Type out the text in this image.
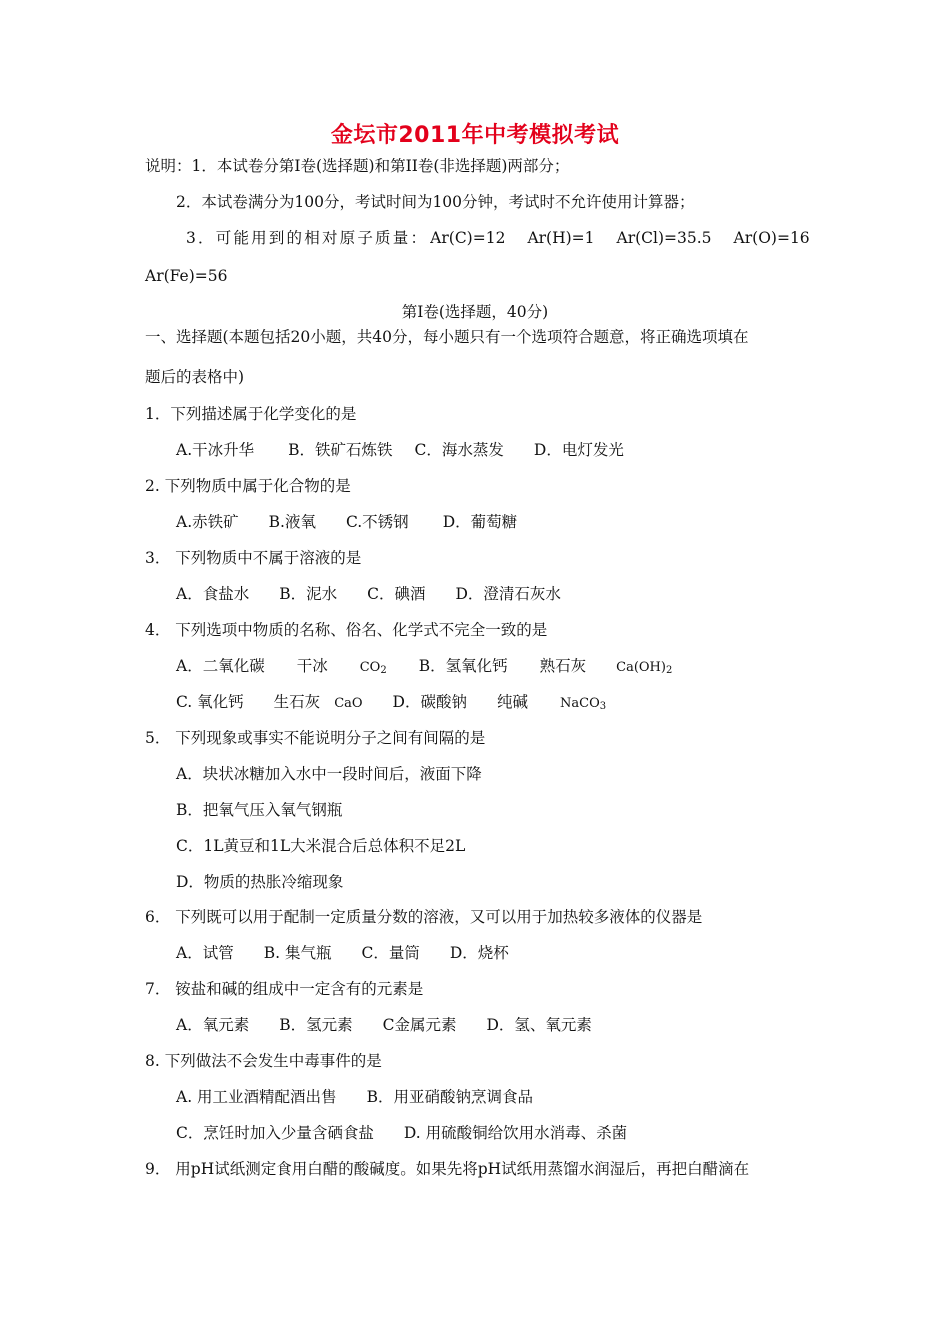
金坛市2011年中考模拟考试
说明：1．本试卷分第Ⅰ卷(选择题)和第II卷(非选择题)两部分；
2．本试卷满分为100分，考试时间为100分钟，考试时不允许使用计算器；
3．可能用到的相对原子质量： Ar(C)=12 Ar(H)=1 Ar(Cl)=35.5 Ar(O)=16
Ar(Fe)=56
第Ⅰ卷(选择题，40分)
一、选择题(本题包括20小题，共40分，每小题只有一个选项符合题意，将正确选项填在
题后的表格中)
1．下列描述属于化学变化的是
A.干冰升华 B．铁矿石炼铁 C．海水蒸发 D．电灯发光
2. 下列物质中属于化合物的是
A.赤铁矿 B.液氧 C.不锈钢 D．葡萄糖
3． 下列物质中不属于溶液的是
A．食盐水 B．泥水 C．碘酒 D．澄清石灰水
4． 下列选项中物质的名称、俗名、化学式不完全一致的是
A．二氧化碳 干冰 $CO_2$ B．氢氧化钙 熟石灰 $Ca(OH)_2$
C. 氧化钙 生石灰 CaO D．碳酸钠 纯碱 NaCO$_3$
5． 下列现象或事实不能说明分子之间有间隔的是
A．块状冰糖加入水中一段时间后，液面下降
B．把氧气压入氧气钢瓶
C．1L黄豆和1L大米混合后总体积不足2L
D．物质的热胀冷缩现象
6． 下列既可以用于配制一定质量分数的溶液，又可以用于加热较多液体的仪器是
A．试管 B. 集气瓶 C．量筒 D．烧杯
7． 铵盐和碱的组成中一定含有的元素是
A．氧元素 B．氢元素 C金属元素 D．氢、氧元素
8. 下列做法不会发生中毒事件的是
A. 用工业酒精配酒出售 B．用亚硝酸钠烹调食品
C．烹饪时加入少量含硒食盐 D. 用硫酸铜给饮用水消毒、杀菌
9． 用pH试纸测定食用白醋的酸碱度。如果先将pH试纸用蒸馏水润湿后，再把白醋滴在
